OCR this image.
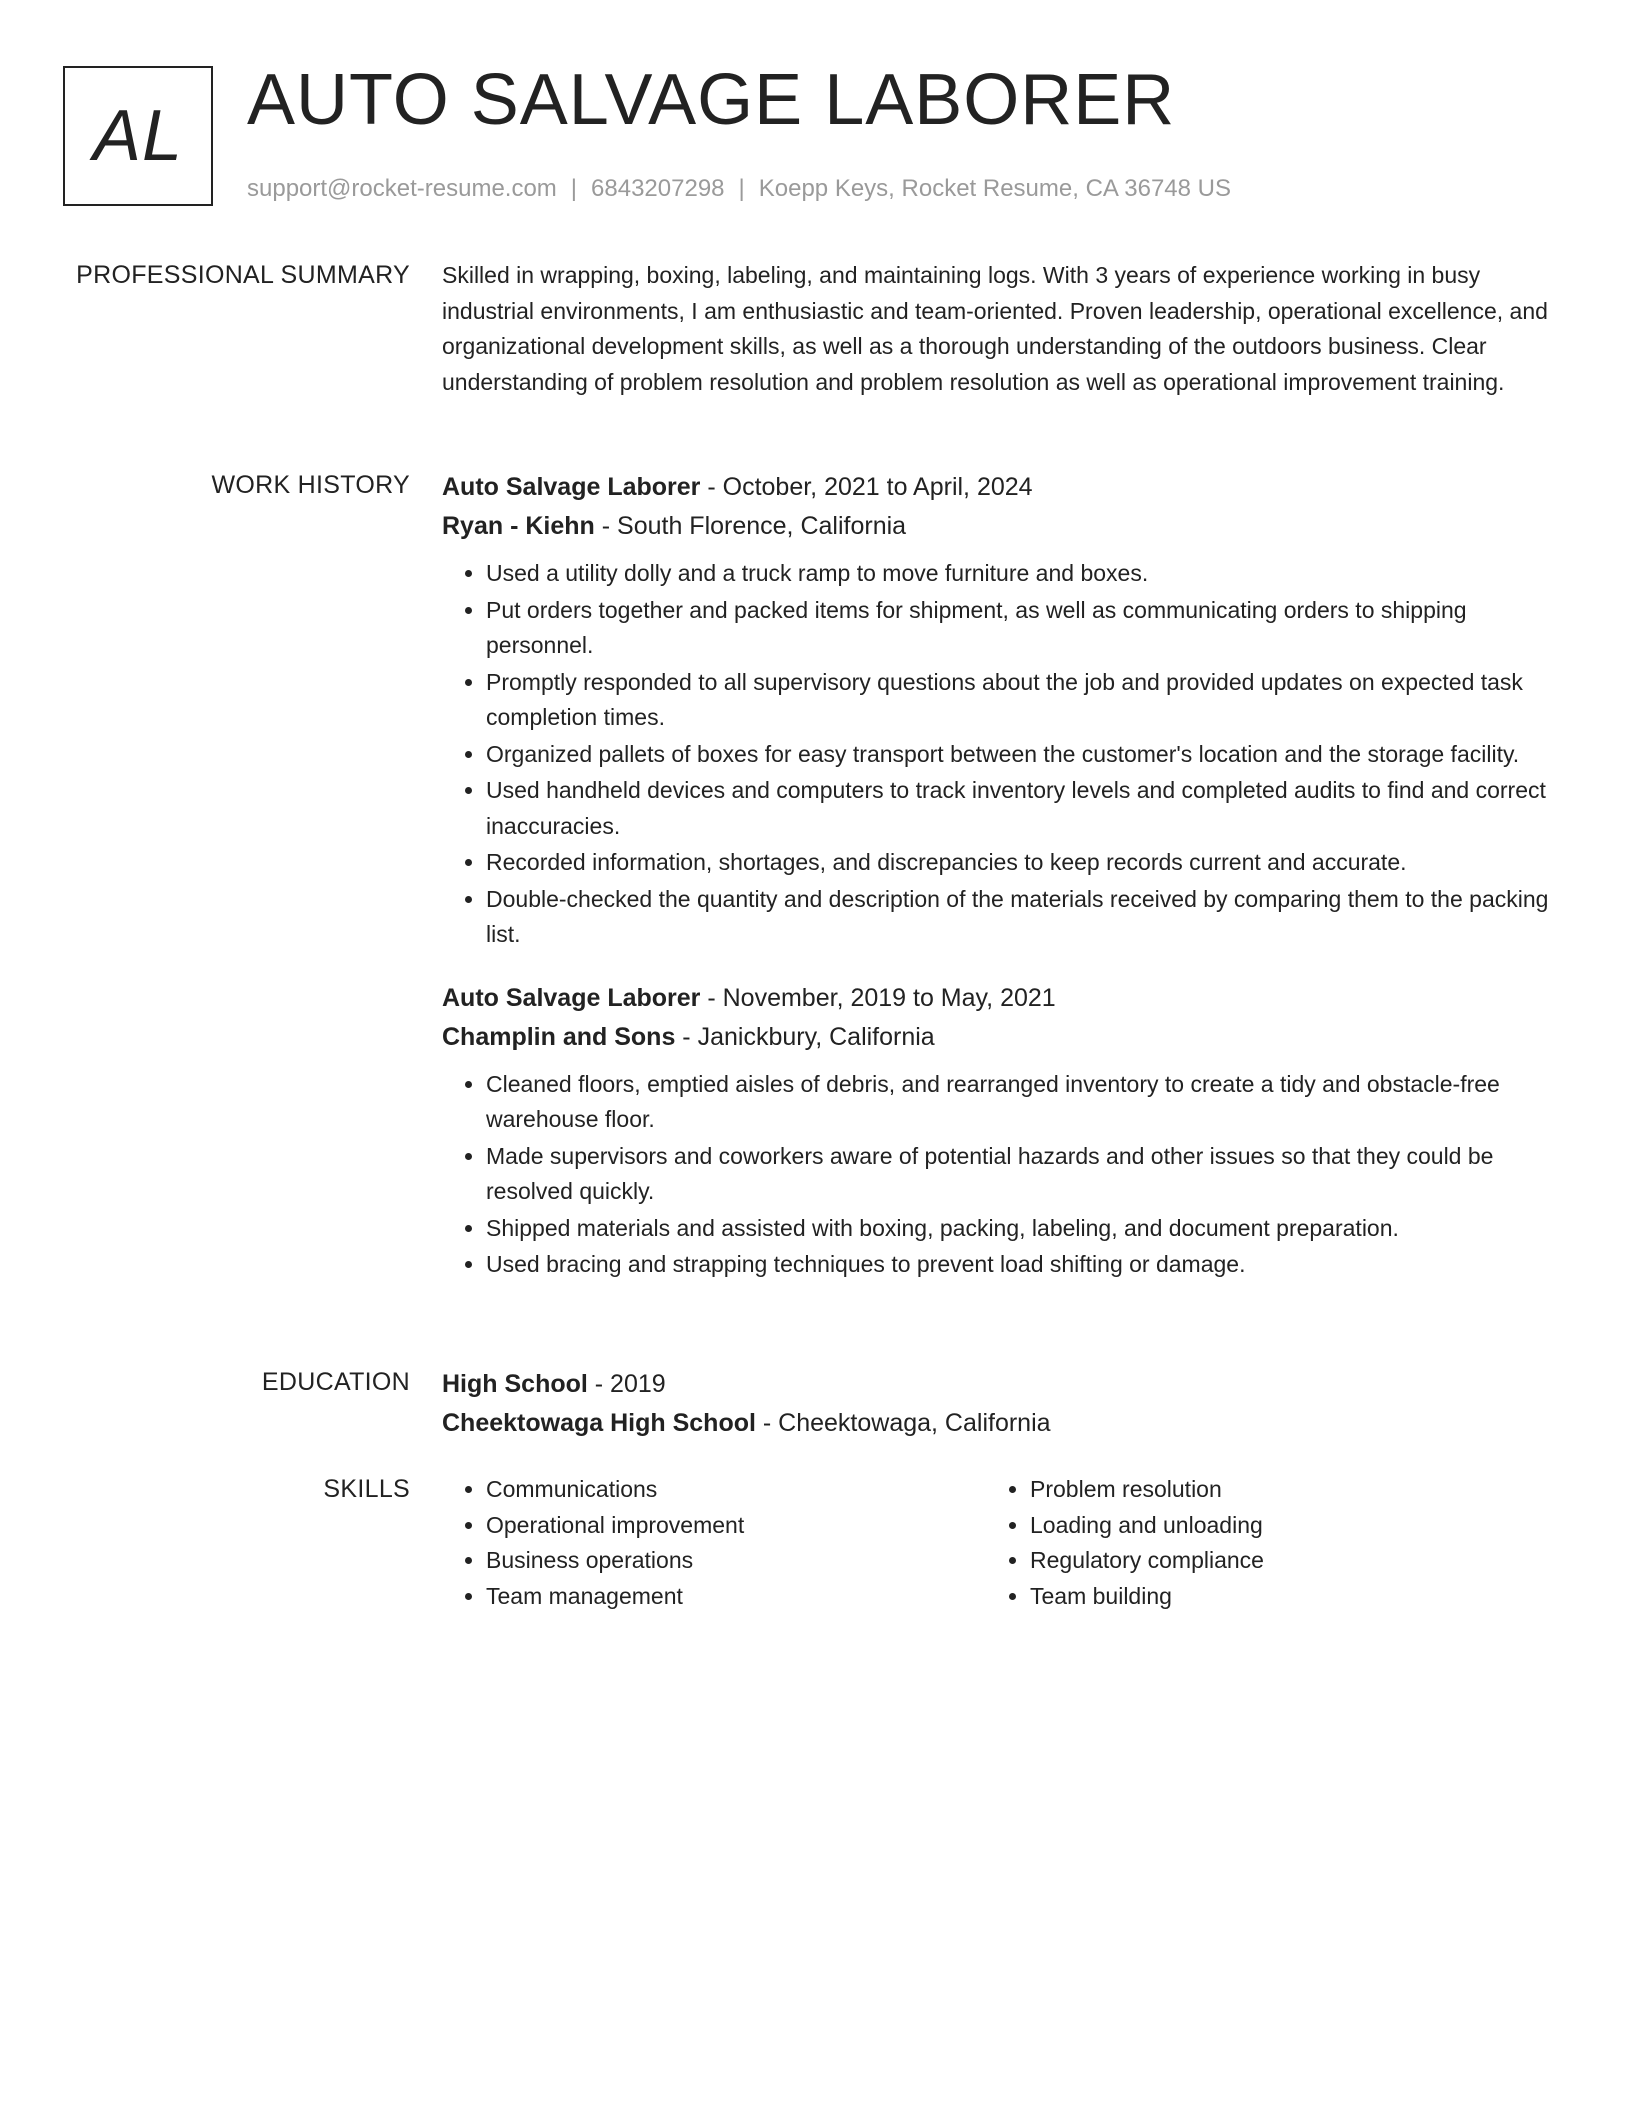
AL AUTO SALVAGE LABORER
support@rocket-resume.com | 6843207298 | Koepp Keys, Rocket Resume, CA 36748 US
PROFESSIONAL SUMMARY Skilled in wrapping, boxing, labeling, and maintaining logs. With 3 years of experience working in busy industrial environments, I am enthusiastic and team-oriented. Proven leadership, operational excellence, and organizational development skills, as well as a thorough understanding of the outdoors business. Clear understanding of problem resolution and problem resolution as well as operational improvement training.

WORK HISTORY Auto Salvage Laborer - October, 2021 to April, 2024

Ryan - Kiehn - South Florence, California

• Used a utility dolly and a truck ramp to move furniture and boxes.
• Put orders together and packed items for shipment, as well as communicating orders to shipping personnel.
• Promptly responded to all supervisory questions about the job and provided updates on expected task completion times.
• Organized pallets of boxes for easy transport between the customer's location and the storage facility.
• Used handheld devices and computers to track inventory levels and completed audits to find and correct inaccuracies.
• Recorded information, shortages, and discrepancies to keep records current and accurate.
• Double-checked the quantity and description of the materials received by comparing them to the packing list.

Auto Salvage Laborer - November, 2019 to May, 2021

Champlin and Sons - Janickbury, California

• Cleaned floors, emptied aisles of debris, and rearranged inventory to create a tidy and obstacle-free warehouse floor.
• Made supervisors and coworkers aware of potential hazards and other issues so that they could be resolved quickly.
• Shipped materials and assisted with boxing, packing, labeling, and document preparation.
• Used bracing and strapping techniques to prevent load shifting or damage.
EDUCATION High School - 2019

Cheektowaga High School - Cheektowaga, California

SKILLS
•	Communications
• Operational improvement
• Business operations
• Team management
• Problem resolution
• Loading and unloading
• Regulatory compliance
• Team building
